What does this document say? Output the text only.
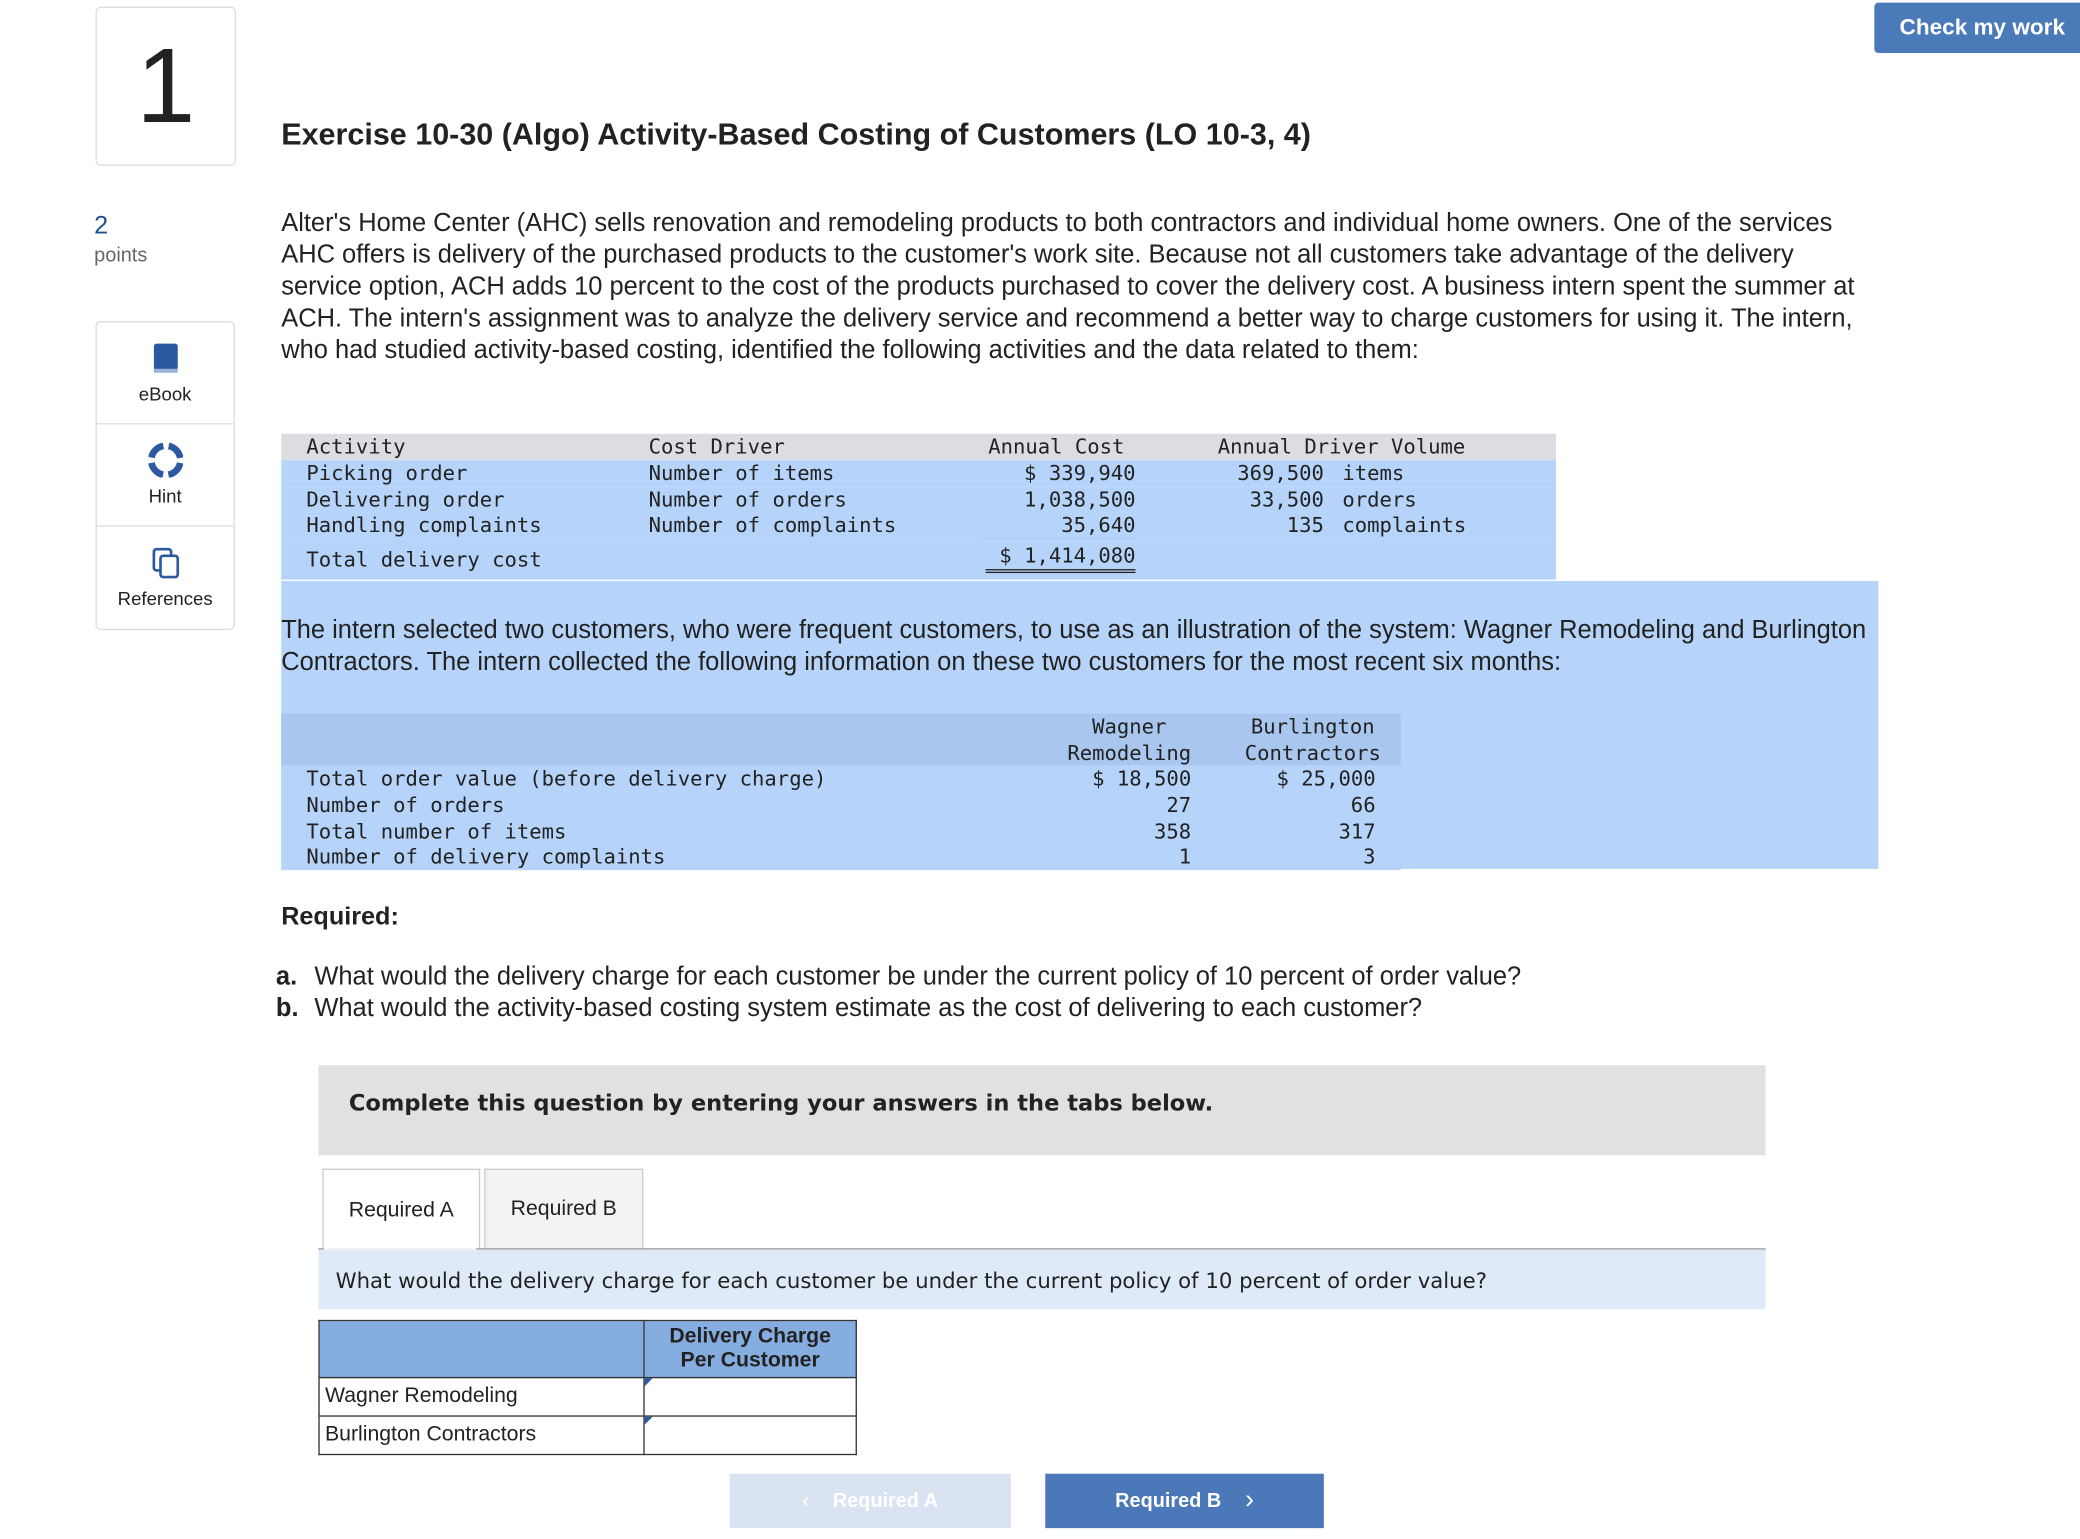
Check my work
1	Exercise 10-30 (Algo) Activity-Based Costing of Customers (LO 10-3, 4)
2
points
eBook
Hint
References
Alter's Home Center (AHC) sells renovation and remodeling products to both contractors and individual home owners. One of the services AHC offers is delivery of the purchased products to the customer's work site. Because not all customers take advantage of the delivery service option, ACH adds 10 percent to the cost of the products purchased to cover the delivery cost. A business intern spent the summer at ACH. The intern's assignment was to analyze the delivery service and recommend a better way to charge customers for using it. The intern, who had studied activity-based costing, identified the following activities and the data related to them:
Activity	Cost Driver	Annual Cost	Annual Driver Volume
Picking order	Number of items	$ 339,940	369,500 items
Delivering order	Number of orders	1,038,500	33,500 orders
Handling complaints	Number of complaints	35,640	135 complaints
Total delivery cost	$ 1,414,080
The intern selected two customers, who were frequent customers, to use as an illustration of the system: Wagner Remodeling and Burlington Contractors. The intern collected the following information on these two customers for the most recent six months:
Wagner
Remodeling
Burlington
Contractors
Total order value (before delivery charge)	$ 18,500	$ 25,000
Number of orders	27	66
Total number of items	358	317
Number of delivery complaints	1	3
Required:
a. What would the delivery charge for each customer be under the current policy of 10 percent of order value?
b. What would the activity-based costing system estimate as the cost of delivering to each customer?
Complete this question by entering your answers in the tabs below.
Required A	Required B
What would the delivery charge for each customer be under the current policy of 10 percent of order value?
	Delivery Charge
Per Customer
Wagner Remodeling	

Burlington Contractors	
‹ Required A	Required B ›
